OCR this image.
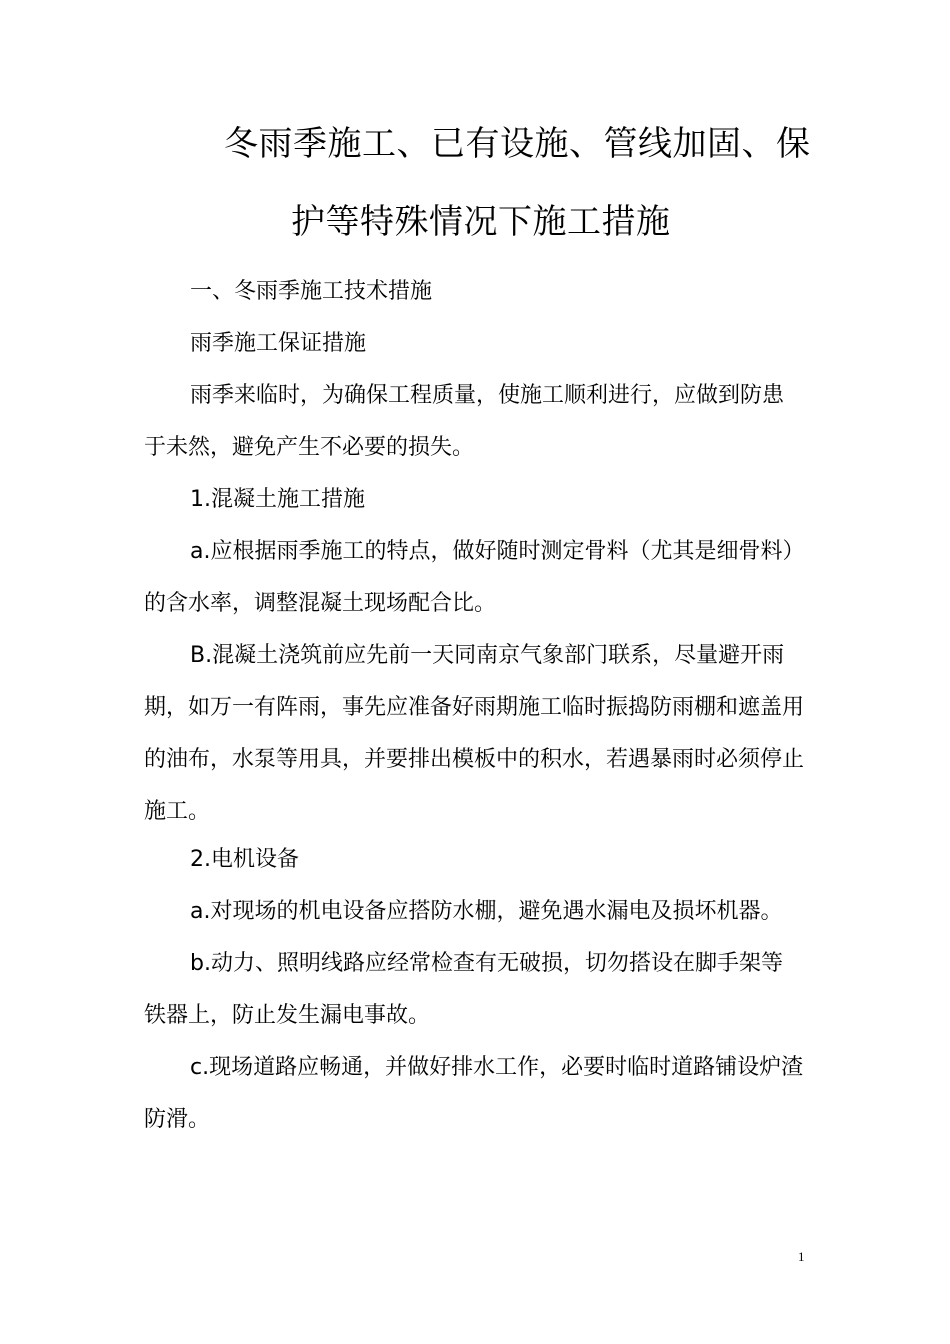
冬雨季施工、已有设施、管线加固、保
护等特殊情况下施工措施

一、冬雨季施工技术措施

雨季施工保证措施

雨季来临时，为确保工程质量，使施工顺利进行，应做到防患于未然，避免产生不必要的损失。

1.混凝土施工措施

a.应根据雨季施工的特点，做好随时测定骨料（尤其是细骨料）的含水率，调整混凝土现场配合比。

B.混凝土浇筑前应先前一天同南京气象部门联系，尽量避开雨期，如万一有阵雨，事先应准备好雨期施工临时振捣防雨棚和遮盖用的油布，水泵等用具，并要排出模板中的积水，若遇暴雨时必须停止施工。

2.电机设备

a.对现场的机电设备应搭防水棚，避免遇水漏电及损坏机器。

b.动力、照明线路应经常检查有无破损，切勿搭设在脚手架等铁器上，防止发生漏电事故。

c.现场道路应畅通，并做好排水工作，必要时临时道路铺设炉渣防滑。

1
